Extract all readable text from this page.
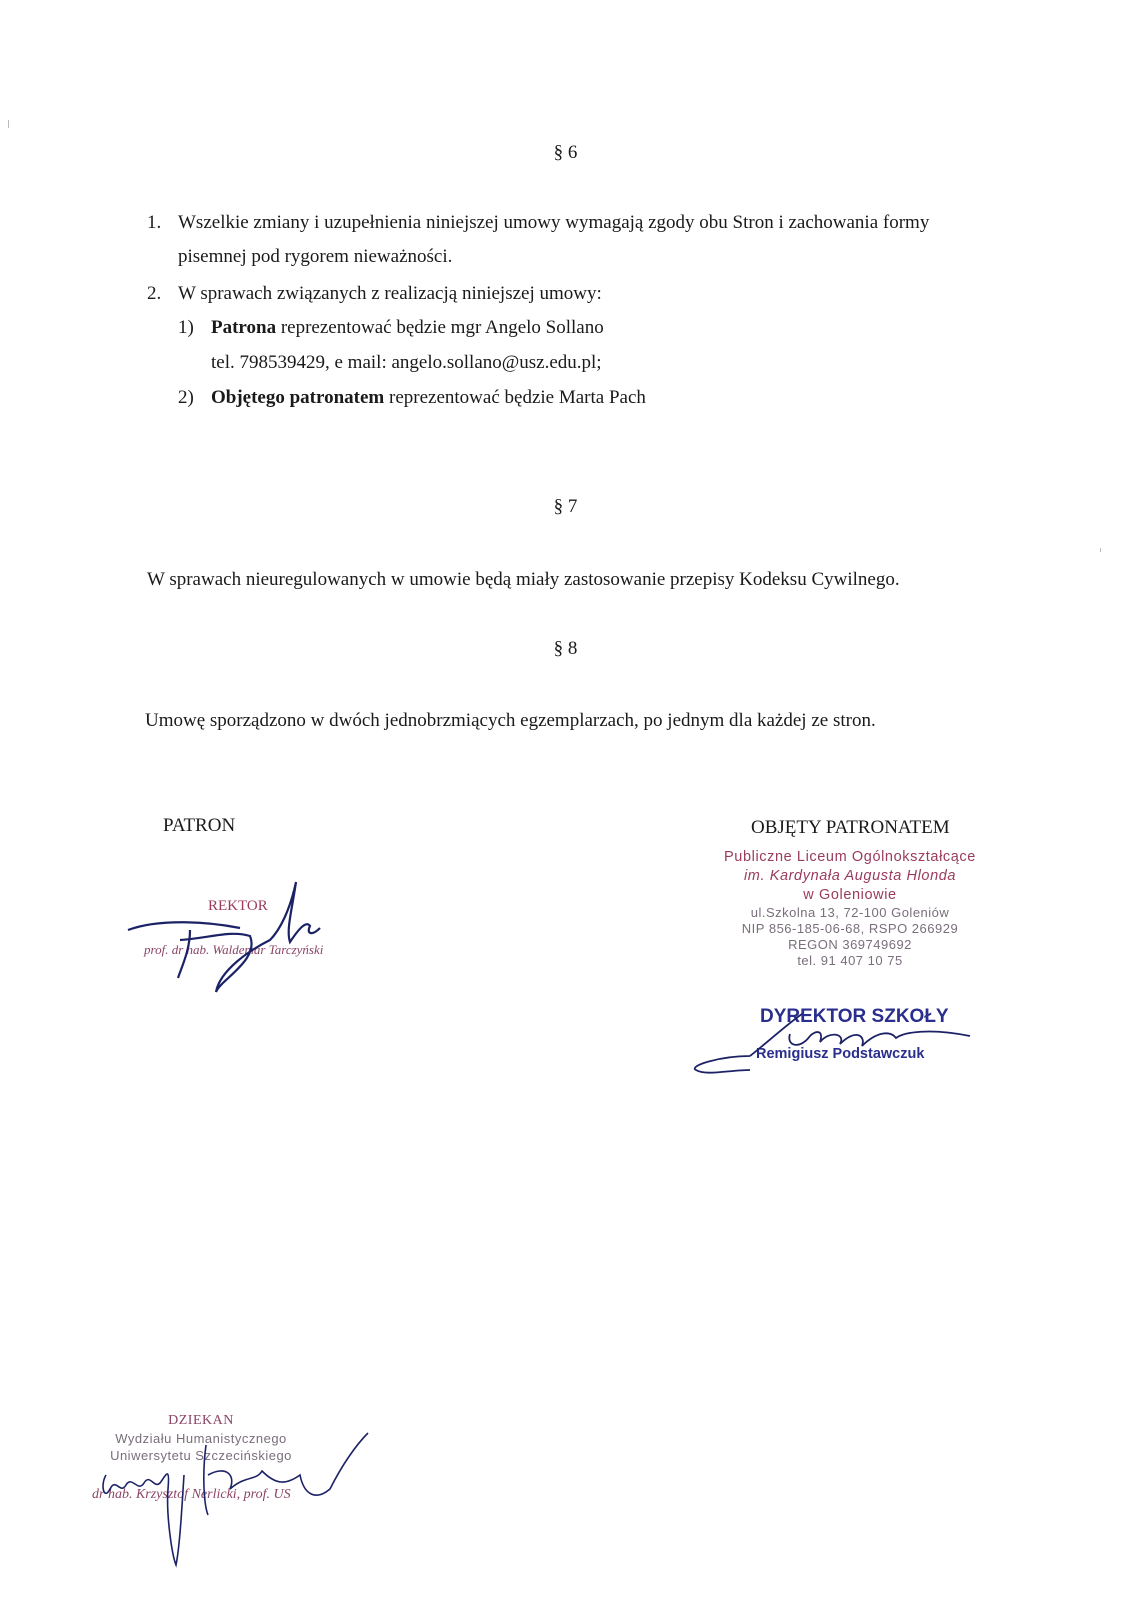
§ 6
1. Wszelkie zmiany i uzupełnienia niniejszej umowy wymagają zgody obu Stron i zachowania formy
pisemnej pod rygorem nieważności.
2. W sprawach związanych z realizacją niniejszej umowy:
1) Patrona reprezentować będzie mgr Angelo Sollano
tel. 798539429, e mail: angelo.sollano@usz.edu.pl;
2) Objętego patronatem reprezentować będzie Marta Pach
§ 7
W sprawach nieuregulowanych w umowie będą miały zastosowanie przepisy Kodeksu Cywilnego.
§ 8
Umowę sporządzono w dwóch jednobrzmiących egzemplarzach, po jednym dla każdej ze stron.
PATRON	OBJĘTY PATRONATEM
REKTOR
prof. dr hab. Waldemar Tarczyński
Publiczne Liceum Ogólnokształcące
im. Kardynała Augusta Hlonda
w Goleniowie
ul.Szkolna 13, 72-100 Goleniów
NIP 856-185-06-68, RSPO 266929
REGON 369749692
tel. 91 407 10 75
DYREKTOR SZKOŁY
Remigiusz Podstawczuk
DZIEKAN
Wydziału Humanistycznego
Uniwersytetu Szczecińskiego
dr hab. Krzysztof Nerlicki, prof. US
